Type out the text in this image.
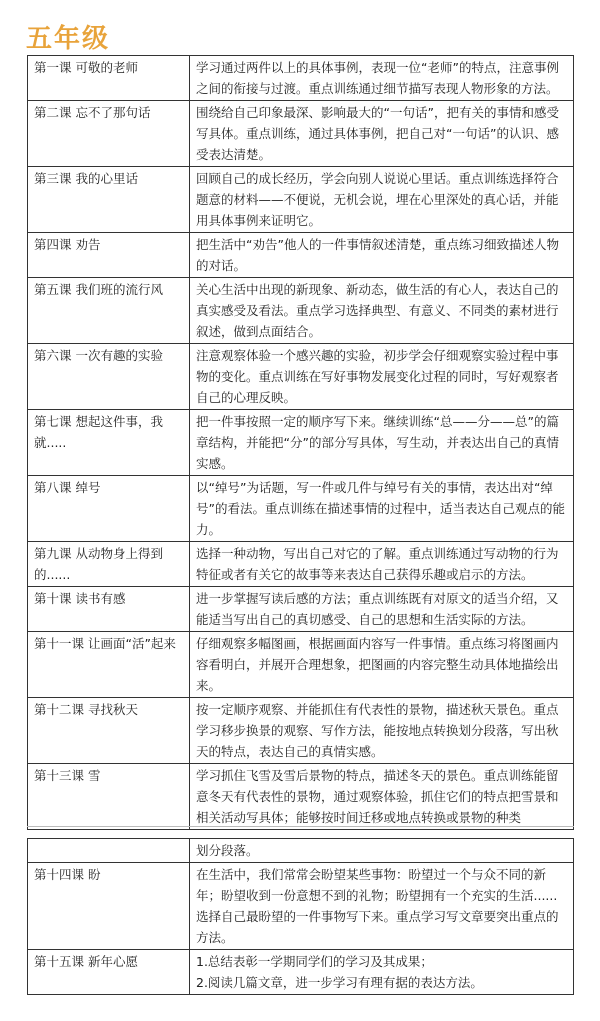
五年级
第一课 可敬的老师	学习通过两件以上的具体事例，表现一位“老师”的特点，注意事例之间的衔接与过渡。重点训练通过细节描写表现人物形象的方法。
第二课 忘不了那句话	围绕给自己印象最深、影响最大的“一句话”，把有关的事情和感受写具体。重点训练，通过具体事例，把自己对“一句话”的认识、感受表达清楚。
第三课 我的心里话	回顾自己的成长经历，学会向别人说说心里话。重点训练选择符合题意的材料——不便说，无机会说，埋在心里深处的真心话，并能用具体事例来证明它。
第四课 劝告	把生活中“劝告”他人的一件事情叙述清楚，重点练习细致描述人物的对话。
第五课 我们班的流行风	关心生活中出现的新现象、新动态，做生活的有心人，表达自己的真实感受及看法。重点学习选择典型、有意义、不同类的素材进行叙述，做到点面结合。
第六课 一次有趣的实验	注意观察体验一个感兴趣的实验，初步学会仔细观察实验过程中事物的变化。重点训练在写好事物发展变化过程的同时，写好观察者自己的心理反映。
第七课 想起这件事，我就.....	把一件事按照一定的顺序写下来。继续训练“总——分——总”的篇章结构，并能把“分”的部分写具体，写生动，并表达出自己的真情实感。
第八课 绰号	以“绰号”为话题，写一件或几件与绰号有关的事情，表达出对“绰号”的看法。重点训练在描述事情的过程中，适当表达自己观点的能力。
第九课 从动物身上得到的......	选择一种动物，写出自己对它的了解。重点训练通过写动物的行为特征或者有关它的故事等来表达自己获得乐趣或启示的方法。
第十课 读书有感	进一步掌握写读后感的方法；重点训练既有对原文的适当介绍，又能适当写出自己的真切感受、自己的思想和生活实际的方法。
第十一课 让画面“活”起来	仔细观察多幅图画，根据画面内容写一件事情。重点练习将图画内容看明白，并展开合理想象，把图画的内容完整生动具体地描绘出来。
第十二课 寻找秋天	按一定顺序观察、并能抓住有代表性的景物，描述秋天景色。重点学习移步换景的观察、写作方法，能按地点转换划分段落，写出秋天的特点，表达自己的真情实感。
第十三课 雪	学习抓住飞雪及雪后景物的特点，描述冬天的景色。重点训练能留意冬天有代表性的景物，通过观察体验，抓住它们的特点把雪景和相关活动写具体；能够按时间迁移或地点转换或景物的种类
	划分段落。
第十四课 盼	在生活中，我们常常会盼望某些事物：盼望过一个与众不同的新年；盼望收到一份意想不到的礼物；盼望拥有一个充实的生活......选择自己最盼望的一件事物写下来。重点学习写文章要突出重点的方法。
第十五课 新年心愿	1.总结表彰一学期同学们的学习及其成果；
2.阅读几篇文章，进一步学习有理有据的表达方法。
